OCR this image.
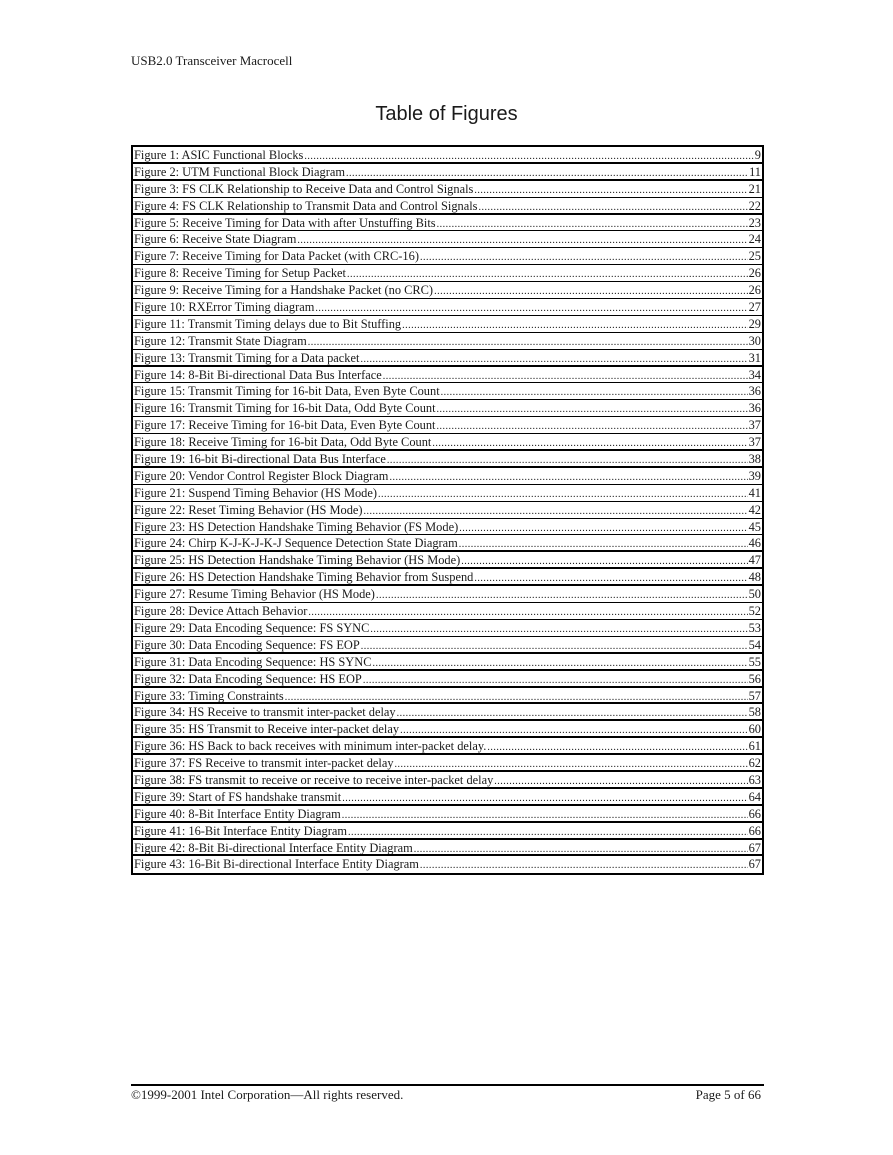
USB2.0 Transceiver Macrocell
Table of Figures
Figure 1: ASIC Functional Blocks .....	9
Figure 2: UTM Functional Block Diagram .....	11
Figure 3: FS CLK Relationship to Receive Data and Control Signals .....	21
Figure 4: FS CLK Relationship to Transmit Data and Control Signals .....	22
Figure 5: Receive Timing for Data with after Unstuffing Bits .....	23
Figure 6: Receive State Diagram .....	24
Figure 7: Receive Timing for Data Packet (with CRC-16) .....	25
Figure 8: Receive Timing for Setup Packet .....	26
Figure 9: Receive Timing for a Handshake Packet (no CRC) .....	26
Figure 10: RXError Timing diagram .....	27
Figure 11: Transmit Timing delays due to Bit Stuffing .....	29
Figure 12: Transmit State Diagram .....	30
Figure 13: Transmit Timing for a Data packet .....	31
Figure 14: 8-Bit Bi-directional Data Bus Interface .....	34
Figure 15: Transmit Timing for 16-bit Data, Even Byte Count .....	36
Figure 16: Transmit Timing for 16-bit Data, Odd Byte Count .....	36
Figure 17: Receive Timing for 16-bit Data, Even Byte Count .....	37
Figure 18: Receive Timing for 16-bit Data, Odd Byte Count .....	37
Figure 19: 16-bit Bi-directional Data Bus Interface .....	38
Figure 20: Vendor Control Register Block Diagram .....	39
Figure 21: Suspend Timing Behavior (HS Mode) .....	41
Figure 22: Reset Timing Behavior (HS Mode) .....	42
Figure 23: HS Detection Handshake Timing Behavior (FS Mode) .....	45
Figure 24: Chirp K-J-K-J-K-J Sequence Detection State Diagram .....	46
Figure 25: HS Detection Handshake Timing Behavior (HS Mode) .....	47
Figure 26: HS Detection Handshake Timing Behavior from Suspend .....	48
Figure 27: Resume Timing Behavior (HS Mode) .....	50
Figure 28: Device Attach Behavior .....	52
Figure 29: Data Encoding Sequence: FS SYNC .....	53
Figure 30: Data Encoding Sequence: FS EOP .....	54
Figure 31: Data Encoding Sequence: HS SYNC .....	55
Figure 32: Data Encoding Sequence: HS EOP .....	56
Figure 33: Timing Constraints .....	57
Figure 34: HS Receive to transmit inter-packet delay .....	58
Figure 35: HS Transmit to Receive inter-packet delay .....	60
Figure 36: HS Back to back receives with minimum inter-packet delay. .....	61
Figure 37: FS Receive to transmit inter-packet delay .....	62
Figure 38: FS transmit to receive or receive to receive inter-packet delay .....	63
Figure 39: Start of FS handshake transmit .....	64
Figure 40: 8-Bit Interface Entity Diagram .....	66
Figure 41: 16-Bit Interface Entity Diagram .....	66
Figure 42: 8-Bit Bi-directional Interface Entity Diagram .....	67
Figure 43: 16-Bit Bi-directional Interface Entity Diagram .....	67
©1999-2001 Intel Corporation—All rights reserved.	Page 5 of 66
